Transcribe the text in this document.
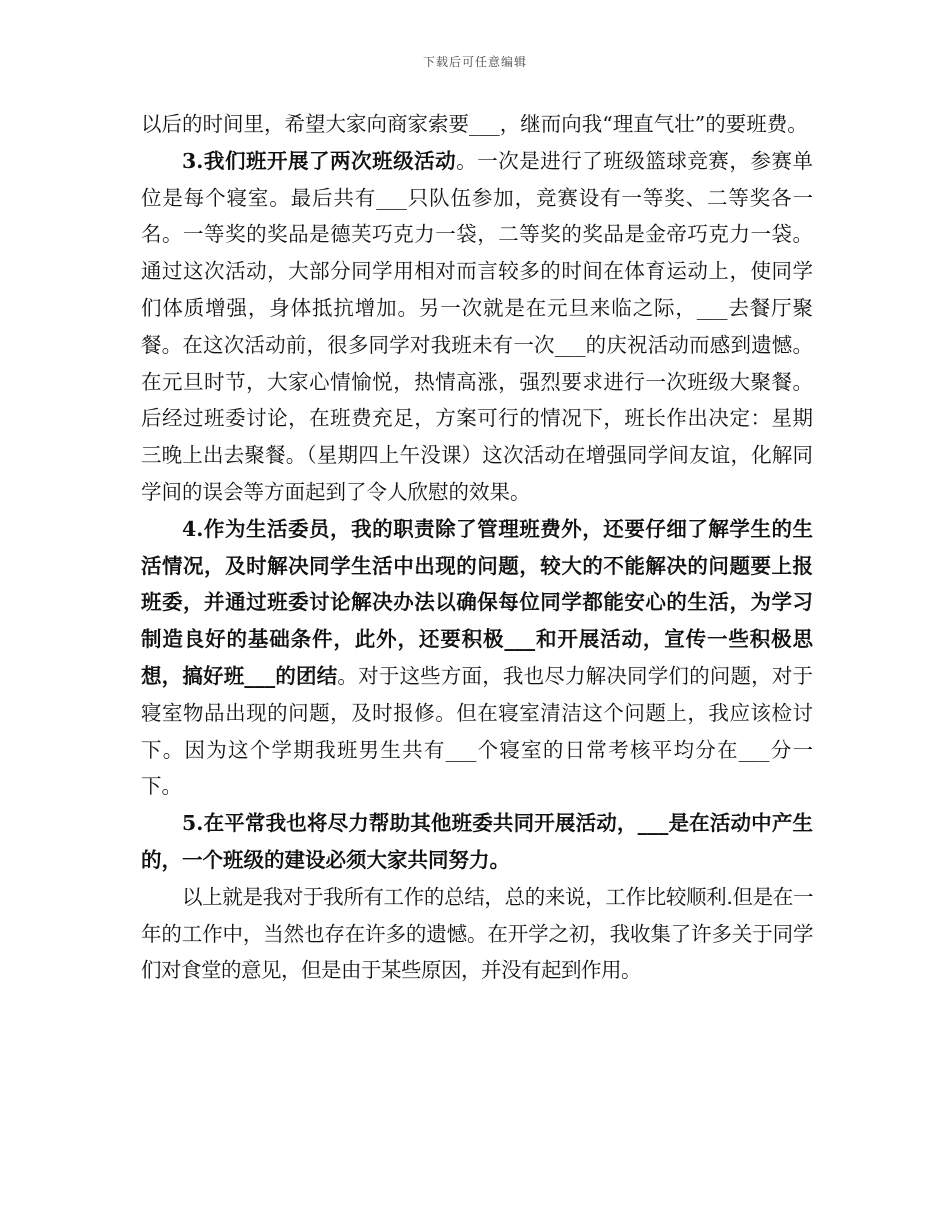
下载后可任意编辑

以后的时间里，希望大家向商家索要___，继而向我“理直气壮”的要班费。

3.我们班开展了两次班级活动。一次是进行了班级篮球竞赛，参赛单位是每个寝室。最后共有___只队伍参加，竞赛设有一等奖、二等奖各一名。一等奖的奖品是德芙巧克力一袋，二等奖的奖品是金帝巧克力一袋。通过这次活动，大部分同学用相对而言较多的时间在体育运动上，使同学们体质增强，身体抵抗增加。另一次就是在元旦来临之际，___去餐厅聚餐。在这次活动前，很多同学对我班未有一次___的庆祝活动而感到遗憾。在元旦时节，大家心情愉悦，热情高涨，强烈要求进行一次班级大聚餐。后经过班委讨论，在班费充足，方案可行的情况下，班长作出决定：星期三晚上出去聚餐。（星期四上午没课）这次活动在增强同学间友谊，化解同学间的误会等方面起到了令人欣慰的效果。

4.作为生活委员，我的职责除了管理班费外，还要仔细了解学生的生活情况，及时解决同学生活中出现的问题，较大的不能解决的问题要上报班委，并通过班委讨论解决办法以确保每位同学都能安心的生活，为学习制造良好的基础条件，此外，还要积极___和开展活动，宣传一些积极思想，搞好班___的团结。对于这些方面，我也尽力解决同学们的问题，对于寝室物品出现的问题，及时报修。但在寝室清洁这个问题上，我应该检讨下。因为这个学期我班男生共有___个寝室的日常考核平均分在___分一下。

5.在平常我也将尽力帮助其他班委共同开展活动，___是在活动中产生的，一个班级的建设必须大家共同努力。

以上就是我对于我所有工作的总结，总的来说，工作比较顺利.但是在一年的工作中，当然也存在许多的遗憾。在开学之初，我收集了许多关于同学们对食堂的意见，但是由于某些原因，并没有起到作用。
